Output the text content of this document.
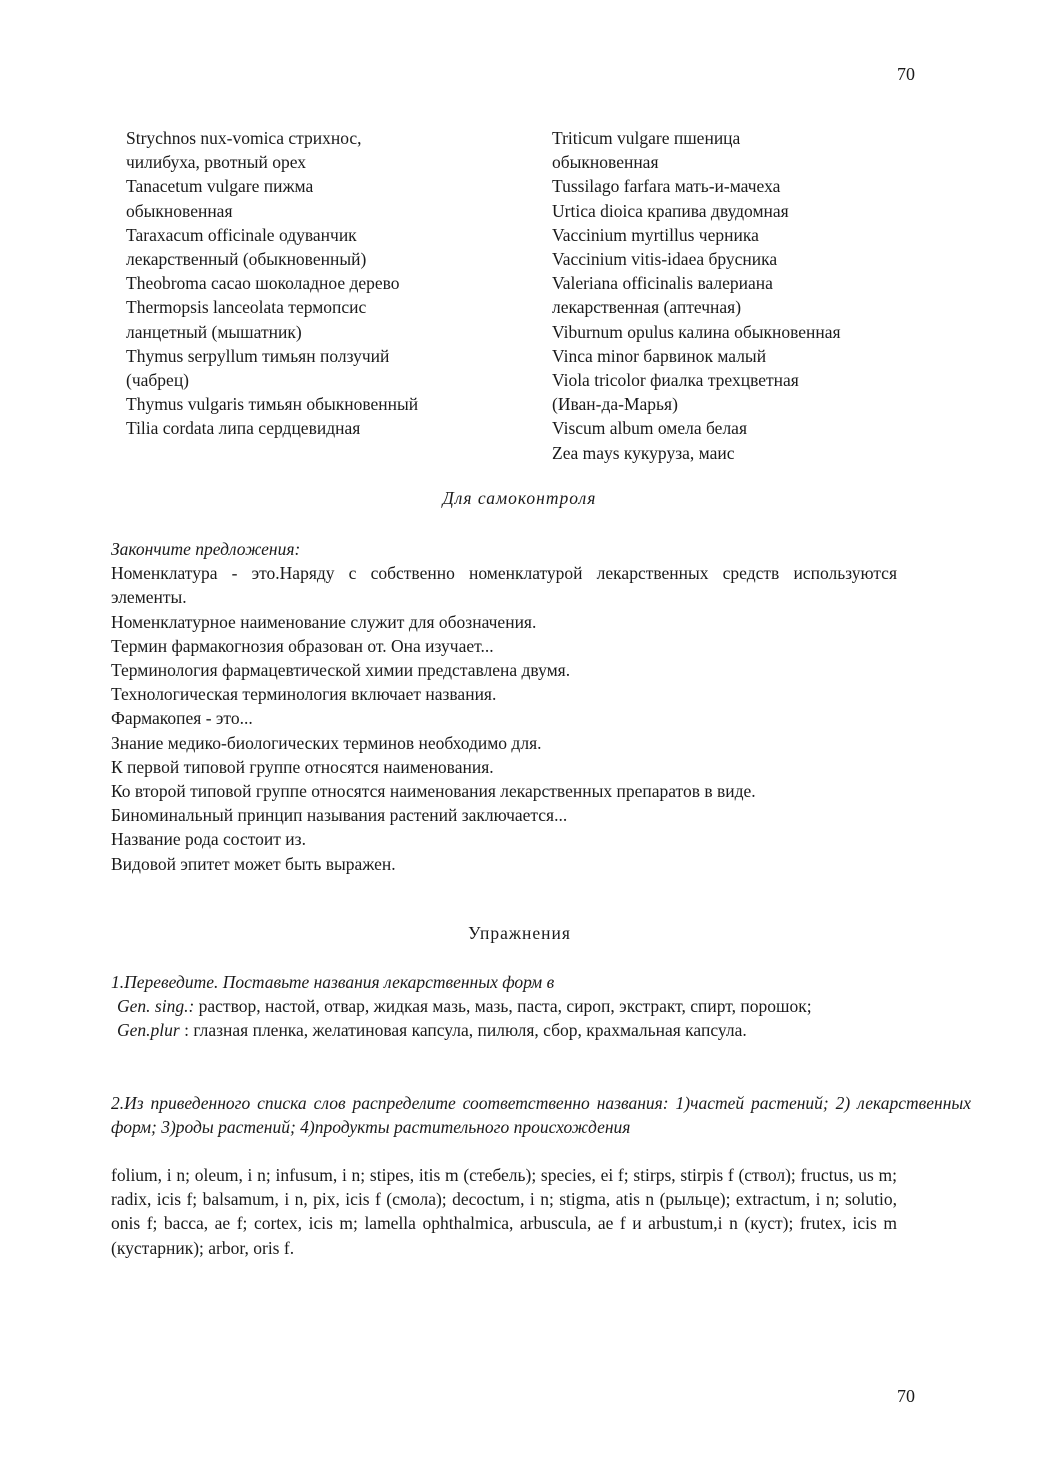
70
Strychnos nux-vomica стрихнос,
чилибуха, рвотный орех
Tanacetum vulgare пижма
обыкновенная
Taraxacum officinale одуванчик
лекарственный (обыкновенный)
Theobroma cacao шоколадное дерево
Thermopsis lanceolata термопсис
ланцетный (мышатник)
Thymus serpyllum тимьян ползучий
(чабрец)
Thymus vulgaris тимьян обыкновенный
Tilia cordata липа сердцевидная
Triticum vulgare пшеница
обыкновенная
Tussilago farfara мать-и-мачеха
Urtica dioica крапива двудомная
Vaccinium myrtillus черника
Vaccinium vitis-idaea брусника
Valeriana officinalis валериана
лекарственная (аптечная)
Viburnum opulus калина обыкновенная
Vinca minor барвинок малый
Viola tricolor фиалка трехцветная
(Иван-да-Марья)
Viscum album омела белая
Zea mays кукуруза, маис
Для самоконтроля
Закончите предложения:
Номенклатура - это.Наряду с собственно номенклатурой лекарственных средств используются элементы.
Номенклатурное наименование служит для обозначения.
Термин фармакогнозия образован от. Она изучает...
Терминология фармацевтической химии представлена двумя.
Технологическая терминология включает названия.
Фармакопея - это...
Знание медико-биологических терминов необходимо для.
К первой типовой группе относятся наименования.
Ко второй типовой группе относятся наименования лекарственных препаратов в виде.
Биноминальный принцип называния растений заключается...
Название рода состоит из.
Видовой эпитет может быть выражен.
Упражнения
1.Переведите. Поставьте названия лекарственных форм в
Gen. sing.: раствор, настой, отвар, жидкая мазь, мазь, паста, сироп, экстракт, спирт, порошок;
Gen.plur : глазная пленка, желатиновая капсула, пилюля, сбор, крахмальная капсула.
2.Из приведенного списка слов распределите соответственно названия: 1)частей растений; 2) лекарственных форм; 3)роды растений; 4)продукты растительного происхождения
folium, i n; oleum, i n; infusum, i n; stipes, itis m (стебель); species, ei f; stirps, stirpis f (ствол); fructus, us m; radix, icis f; balsamum, i n, pix, icis f (смола); decoctum, i n; stigma, atis n (рыльце); extractum, i n; solutio, onis f; bacca, ae f; cortex, icis m; lamella ophthalmica, arbuscula, ae f и arbustum,i n (куст); frutex, icis m (кустарник); arbor, oris f.
70
